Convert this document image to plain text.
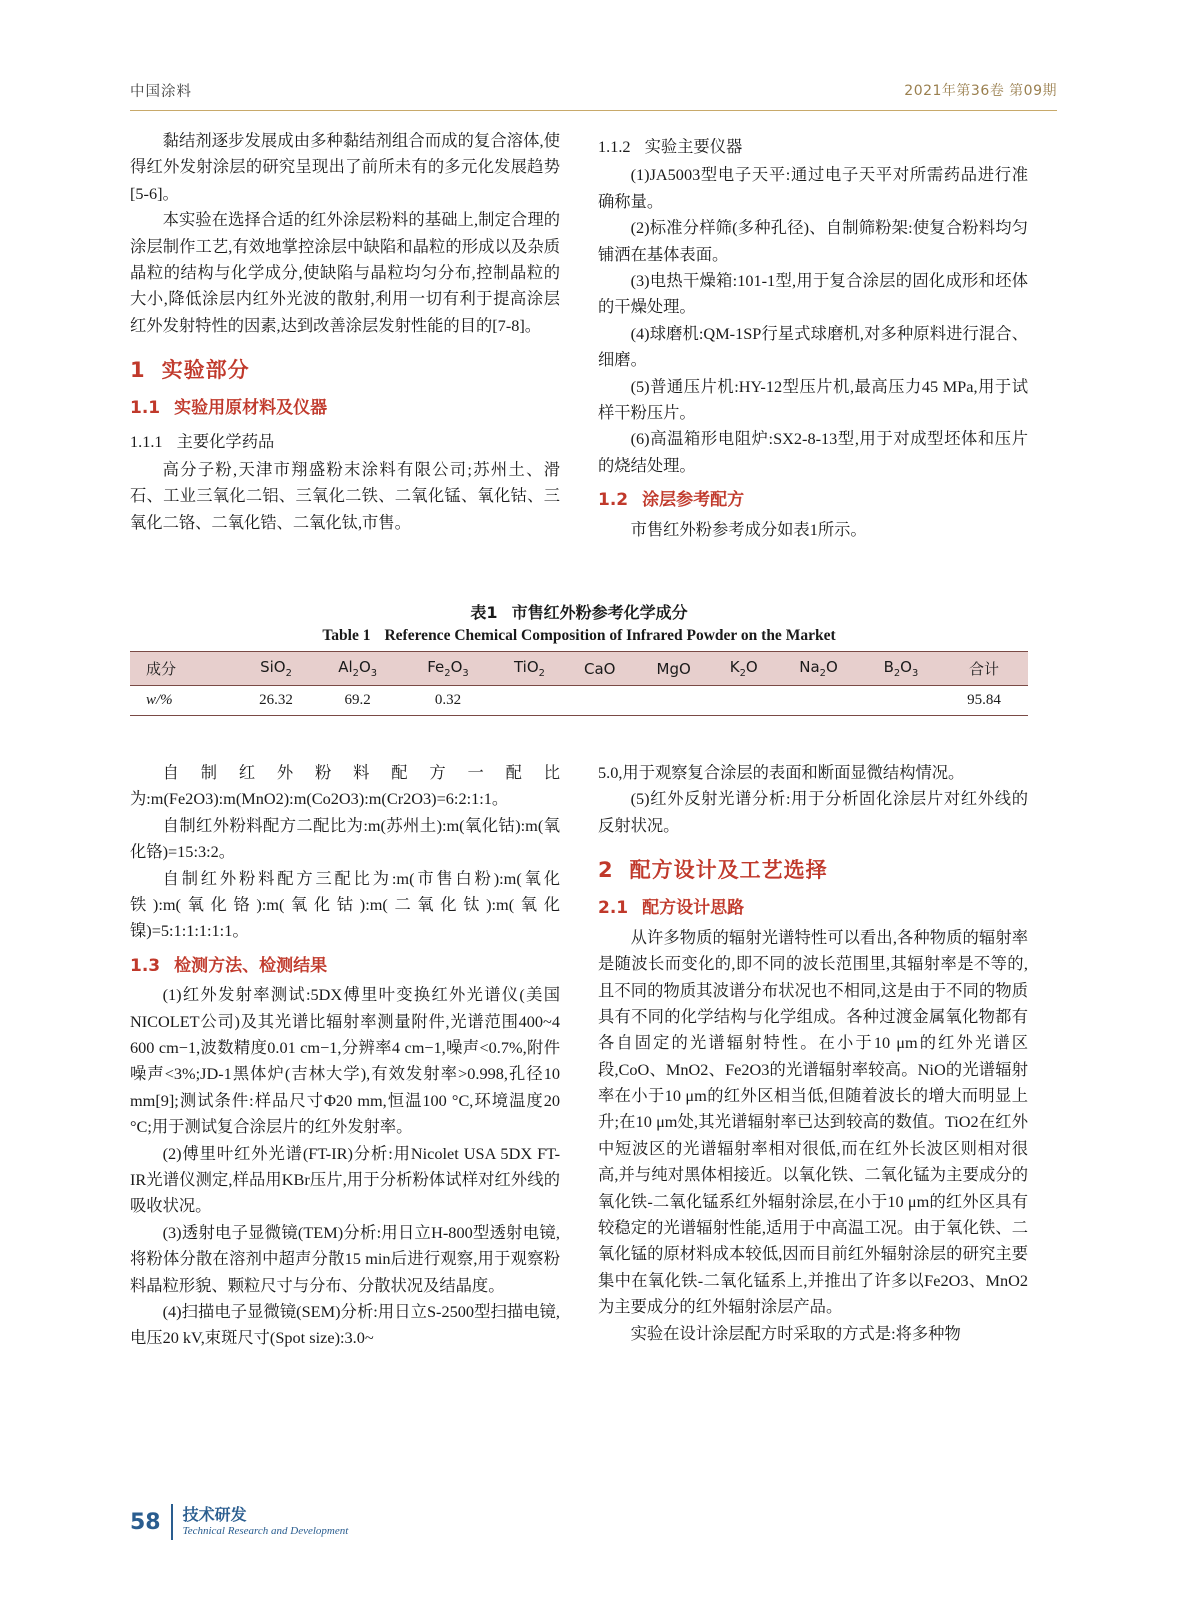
中国涂料	2021年第36卷 第09期

黏结剂逐步发展成由多种黏结剂组合而成的复合溶体,使得红外发射涂层的研究呈现出了前所未有的多元化发展趋势[5-6]。

本实验在选择合适的红外涂层粉料的基础上,制定合理的涂层制作工艺,有效地掌控涂层中缺陷和晶粒的形成以及杂质晶粒的结构与化学成分,使缺陷与晶粒均匀分布,控制晶粒的大小,降低涂层内红外光波的散射,利用一切有利于提高涂层红外发射特性的因素,达到改善涂层发射性能的目的[7-8]。

1 实验部分
1.1 实验用原材料及仪器
1.1.1 主要化学药品

高分子粉,天津市翔盛粉末涂料有限公司;苏州土、滑石、工业三氧化二铝、三氧化二铁、二氧化锰、氧化钴、三氧化二铬、二氧化锆、二氧化钛,市售。

1.1.2 实验主要仪器

(1)JA5003型电子天平:通过电子天平对所需药品进行准确称量。

(2)标准分样筛(多种孔径)、自制筛粉架:使复合粉料均匀铺洒在基体表面。

(3)电热干燥箱:101-1型,用于复合涂层的固化成形和坯体的干燥处理。

(4)球磨机:QM-1SP行星式球磨机,对多种原料进行混合、细磨。

(5)普通压片机:HY-12型压片机,最高压力45 MPa,用于试样干粉压片。

(6)高温箱形电阻炉:SX2-8-13型,用于对成型坯体和压片的烧结处理。

1.2 涂层参考配方

市售红外粉参考成分如表1所示。

表1 市售红外粉参考化学成分
Table 1 Reference Chemical Composition of Infrared Powder on the Market
成分	SiO$_2$	$Al_2O_3$	$Fe_2O_3$	TiO$_2$	CaO	MgO	$K_2O$	$Na_2O$	$B_2O_3$	合计
w/%	26.32	69.2	0.32							95.84

自制红外粉料配方一配比为:m(Fe2O3):m(MnO2):m(Co2O3):m(Cr2O3)=6:2:1:1。

自制红外粉料配方二配比为:m(苏州土):m(氧化钴):m(氧化铬)=15:3:2。

自制红外粉料配方三配比为:m(市售白粉):m(氧化铁):m(氧化铬):m(氧化钴):m(二氧化钛):m(氧化镍)=5:1:1:1:1:1。

1.3 检测方法、检测结果

(1)红外发射率测试:5DX傅里叶变换红外光谱仪(美国NICOLET公司)及其光谱比辐射率测量附件,光谱范围400~4 600 cm−1,波数精度0.01 cm−1,分辨率4 cm−1,噪声<0.7%,附件噪声<3%;JD-1黑体炉(吉林大学),有效发射率>0.998,孔径10 mm[9];测试条件:样品尺寸Φ20 mm,恒温100 °C,环境温度20 °C;用于测试复合涂层片的红外发射率。

(2)傅里叶红外光谱(FT-IR)分析:用Nicolet USA 5DX FT-IR光谱仪测定,样品用KBr压片,用于分析粉体试样对红外线的吸收状况。

(3)透射电子显微镜(TEM)分析:用日立H-800型透射电镜,将粉体分散在溶剂中超声分散15 min后进行观察,用于观察粉料晶粒形貌、颗粒尺寸与分布、分散状况及结晶度。

(4)扫描电子显微镜(SEM)分析:用日立S-2500型扫描电镜,电压20 kV,束斑尺寸(Spot size):3.0~

5.0,用于观察复合涂层的表面和断面显微结构情况。

(5)红外反射光谱分析:用于分析固化涂层片对红外线的反射状况。

2 配方设计及工艺选择
2.1 配方设计思路

从许多物质的辐射光谱特性可以看出,各种物质的辐射率是随波长而变化的,即不同的波长范围里,其辐射率是不等的,且不同的物质其波谱分布状况也不相同,这是由于不同的物质具有不同的化学结构与化学组成。各种过渡金属氧化物都有各自固定的光谱辐射特性。在小于10 μm的红外光谱区段,CoO、MnO2、Fe2O3的光谱辐射率较高。NiO的光谱辐射率在小于10 μm的红外区相当低,但随着波长的增大而明显上升;在10 μm处,其光谱辐射率已达到较高的数值。TiO2在红外中短波区的光谱辐射率相对很低,而在红外长波区则相对很高,并与纯对黑体相接近。以氧化铁、二氧化锰为主要成分的氧化铁-二氧化锰系红外辐射涂层,在小于10 μm的红外区具有较稳定的光谱辐射性能,适用于中高温工况。由于氧化铁、二氧化锰的原材料成本较低,因而目前红外辐射涂层的研究主要集中在氧化铁-二氧化锰系上,并推出了许多以Fe2O3、MnO2为主要成分的红外辐射涂层产品。

实验在设计涂层配方时采取的方式是:将多种物

58 技术研发
Technical Research and Development
